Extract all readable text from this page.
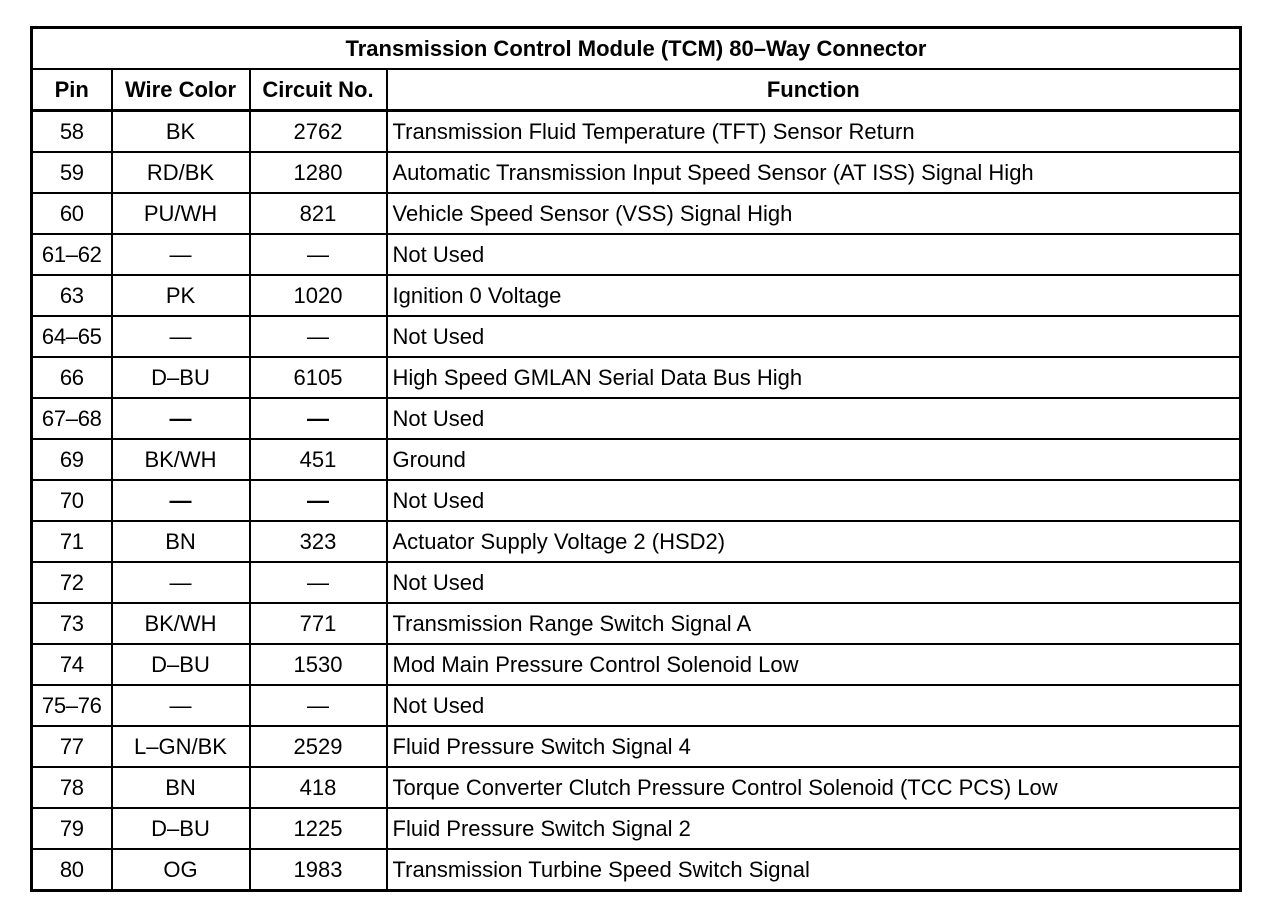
Transmission Control Module (TCM) 80–Way Connector			
Pin	Wire Color	Circuit No.	Function
58	BK	2762	Transmission Fluid Temperature (TFT) Sensor Return
59	RD/BK	1280	Automatic Transmission Input Speed Sensor (AT ISS) Signal High
60	PU/WH	821	Vehicle Speed Sensor (VSS) Signal High
61–62	—	—	Not Used
63	PK	1020	Ignition 0 Voltage
64–65	—	—	Not Used
66	D–BU	6105	High Speed GMLAN Serial Data Bus High
67–68	—	—	Not Used
69	BK/WH	451	Ground
70	—	—	Not Used
71	BN	323	Actuator Supply Voltage 2 (HSD2)
72	—	—	Not Used
73	BK/WH	771	Transmission Range Switch Signal A
74	D–BU	1530	Mod Main Pressure Control Solenoid Low
75–76	—	—	Not Used
77	L–GN/BK	2529	Fluid Pressure Switch Signal 4
78	BN	418	Torque Converter Clutch Pressure Control Solenoid (TCC PCS) Low
79	D–BU	1225	Fluid Pressure Switch Signal 2
80	OG	1983	Transmission Turbine Speed Switch Signal
